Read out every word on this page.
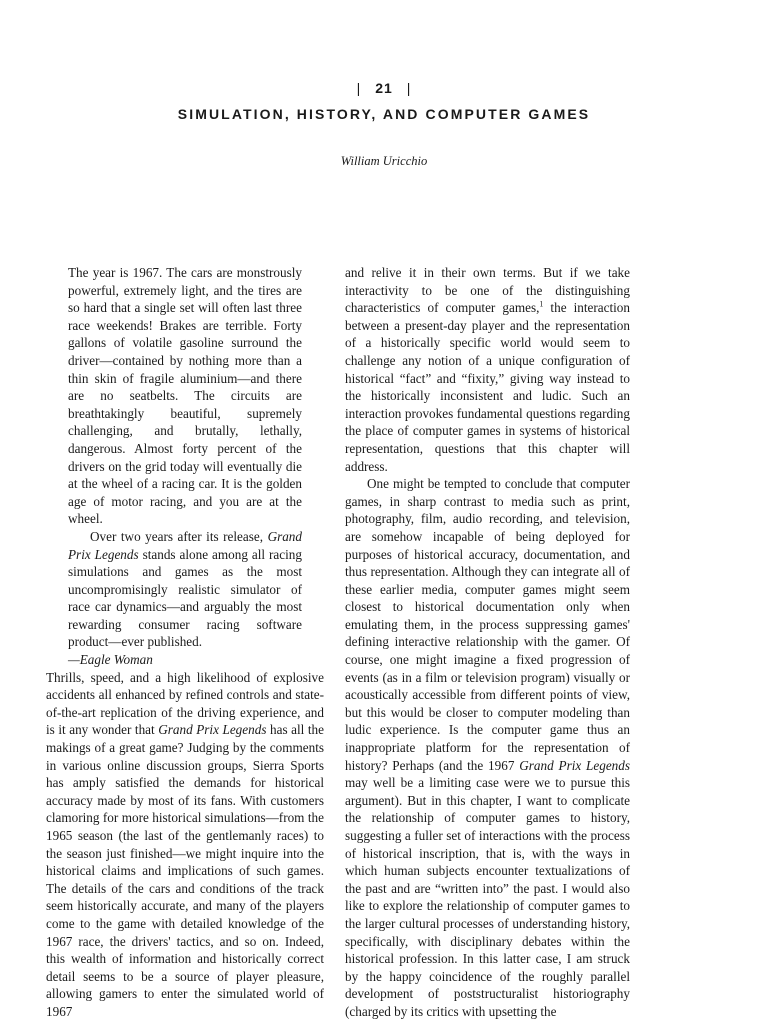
| 21 |
SIMULATION, HISTORY, AND COMPUTER GAMES
William Uricchio

The year is 1967. The cars are monstrously powerful, extremely light, and the tires are so hard that a single set will often last three race weekends! Brakes are terrible. Forty gallons of volatile gasoline surround the driver—contained by nothing more than a thin skin of fragile aluminium—and there are no seatbelts. The circuits are breathtakingly beautiful, supremely challenging, and brutally, lethally, dangerous. Almost forty percent of the drivers on the grid today will eventually die at the wheel of a racing car. It is the golden age of motor racing, and you are at the wheel.

Over two years after its release, Grand Prix Legends stands alone among all racing simulations and games as the most uncompromisingly realistic simulator of race car dynamics—and arguably the most rewarding consumer racing software product—ever published.

—Eagle Woman

Thrills, speed, and a high likelihood of explosive accidents all enhanced by refined controls and state-of-the-art replication of the driving experience, and is it any wonder that Grand Prix Legends has all the makings of a great game? Judging by the comments in various online discussion groups, Sierra Sports has amply satisfied the demands for historical accuracy made by most of its fans. With customers clamoring for more historical simulations—from the 1965 season (the last of the gentlemanly races) to the season just finished—we might inquire into the historical claims and implications of such games. The details of the cars and conditions of the track seem historically accurate, and many of the players come to the game with detailed knowledge of the 1967 race, the drivers' tactics, and so on. Indeed, this wealth of information and historically correct detail seems to be a source of player pleasure, allowing gamers to enter the simulated world of 1967

and relive it in their own terms. But if we take interactivity to be one of the distinguishing characteristics of computer games,$^1$ the interaction between a present-day player and the representation of a historically specific world would seem to challenge any notion of a unique configuration of historical “fact” and “fixity,” giving way instead to the historically inconsistent and ludic. Such an interaction provokes fundamental questions regarding the place of computer games in systems of historical representation, questions that this chapter will address.

One might be tempted to conclude that computer games, in sharp contrast to media such as print, photography, film, audio recording, and television, are somehow incapable of being deployed for purposes of historical accuracy, documentation, and thus representation. Although they can integrate all of these earlier media, computer games might seem closest to historical documentation only when emulating them, in the process suppressing games' defining interactive relationship with the gamer. Of course, one might imagine a fixed progression of events (as in a film or television program) visually or acoustically accessible from different points of view, but this would be closer to computer modeling than ludic experience. Is the computer game thus an inappropriate platform for the representation of history? Perhaps (and the 1967 Grand Prix Legends may well be a limiting case were we to pursue this argument). But in this chapter, I want to complicate the relationship of computer games to history, suggesting a fuller set of interactions with the process of historical inscription, that is, with the ways in which human subjects encounter textualizations of the past and are “written into” the past. I would also like to explore the relationship of computer games to the larger cultural processes of understanding history, specifically, with disciplinary debates within the historical profession. In this latter case, I am struck by the happy coincidence of the roughly parallel development of poststructuralist historiography (charged by its critics with upsetting the
